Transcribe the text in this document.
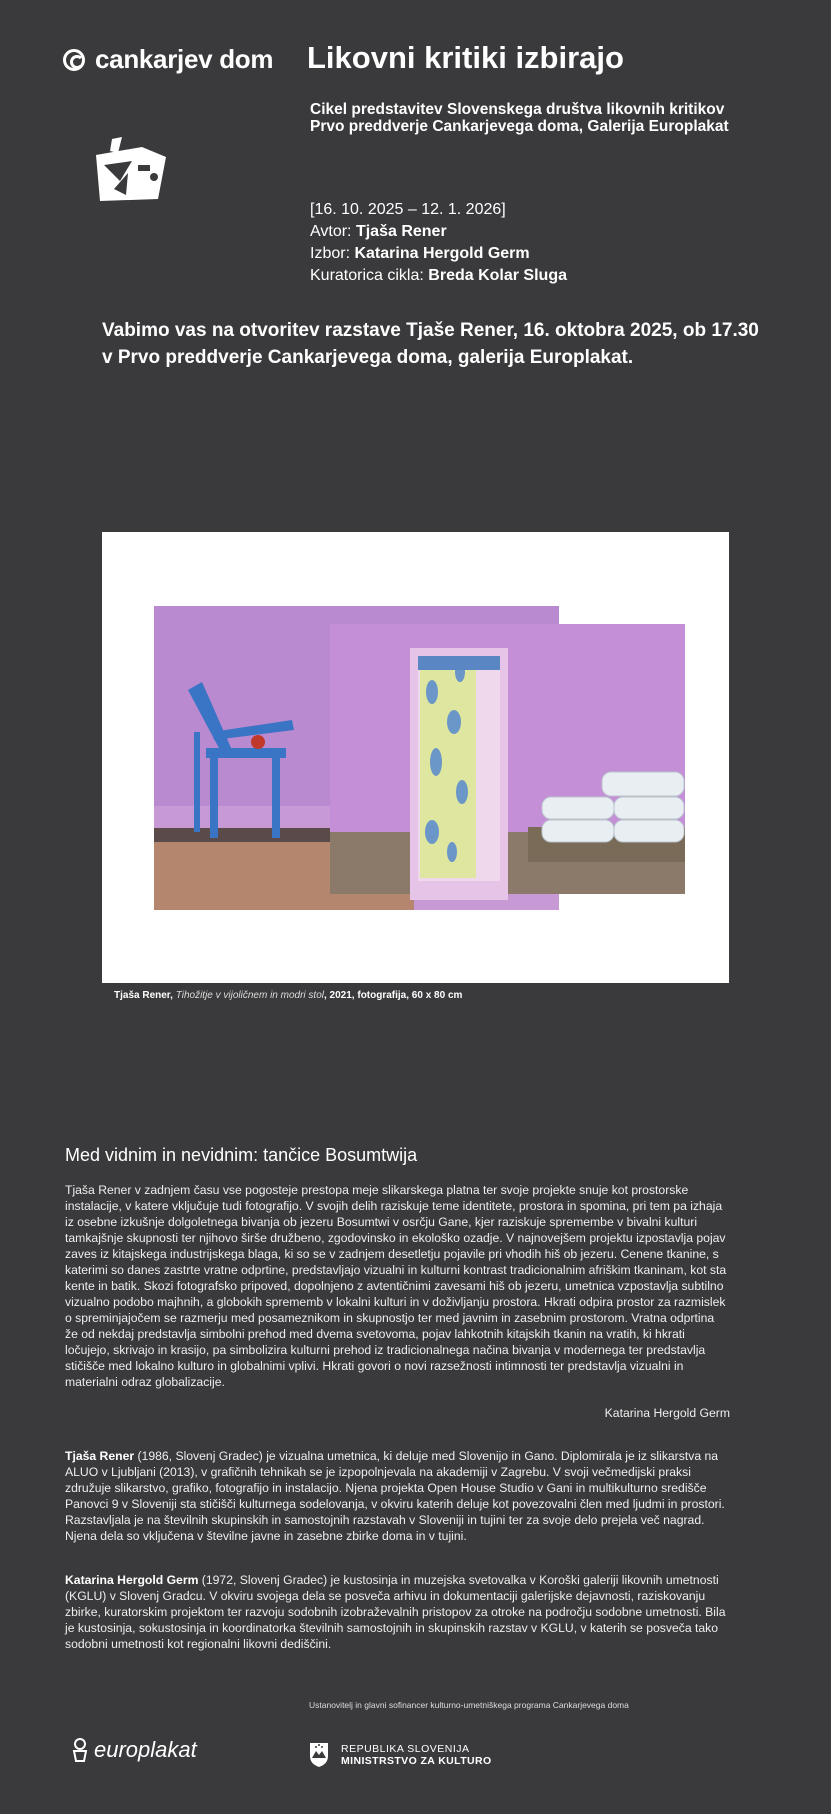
cankarjev dom Likovni kritiki izbirajo
Cikel predstavitev Slovenskega društva likovnih kritikov
Prvo preddverje Cankarjevega doma, Galerija Europlakat
[16. 10. 2025 – 12. 1. 2026]
Avtor: Tjaša Rener
Izbor: Katarina Hergold Germ
Kuratorica cikla: Breda Kolar Sluga
Vabimo vas na otvoritev razstave Tjaše Rener, 16. oktobra 2025, ob 17.30
v Prvo preddverje Cankarjevega doma, galerija Europlakat.
Tjaša Rener, Tihožitje v vijoličnem in modri stol, 2021, fotografija, 60 x 80 cm
Med vidnim in nevidnim: tančice Bosumtwija

Tjaša Rener v zadnjem času vse pogosteje prestopa meje slikarskega platna ter svoje projekte snuje kot prostorske instalacije, v katere vključuje tudi fotografijo. V svojih delih raziskuje teme identitete, prostora in spomina, pri tem pa izhaja iz osebne izkušnje dolgoletnega bivanja ob jezeru Bosumtwi v osrčju Gane, kjer raziskuje spremembe v bivalni kulturi tamkajšnje skupnosti ter njihovo širše družbeno, zgodovinsko in ekološko ozadje. V najnovejšem projektu izpostavlja pojav zaves iz kitajskega industrijskega blaga, ki so se v zadnjem desetletju pojavile pri vhodih hiš ob jezeru. Cenene tkanine, s katerimi so danes zastrte vratne odprtine, predstavljajo vizualni in kulturni kontrast tradicionalnim afriškim tkaninam, kot sta kente in batik. Skozi fotografsko pripoved, dopolnjeno z avtentičnimi zavesami hiš ob jezeru, umetnica vzpostavlja subtilno vizualno podobo majhnih, a globokih sprememb v lokalni kulturi in v doživljanju prostora. Hkrati odpira prostor za razmislek o spreminjajočem se razmerju med posameznikom in skupnostjo ter med javnim in zasebnim prostorom. Vratna odprtina že od nekdaj predstavlja simbolni prehod med dvema svetovoma, pojav lahkotnih kitajskih tkanin na vratih, ki hkrati ločujejo, skrivajo in krasijo, pa simbolizira kulturni prehod iz tradicionalnega načina bivanja v modernega ter predstavlja stičišče med lokalno kulturo in globalnimi vplivi. Hkrati govori o novi razsežnosti intimnosti ter predstavlja vizualni in materialni odraz globalizacije.

Katarina Hergold Germ

Tjaša Rener (1986, Slovenj Gradec) je vizualna umetnica, ki deluje med Slovenijo in Gano. Diplomirala je iz slikarstva na ALUO v Ljubljani (2013), v grafičnih tehnikah se je izpopolnjevala na akademiji v Zagrebu. V svoji večmedijski praksi združuje slikarstvo, grafiko, fotografijo in instalacijo. Njena projekta Open House Studio v Gani in multikulturno središče Panovci 9 v Sloveniji sta stičišči kulturnega sodelovanja, v okviru katerih deluje kot povezovalni člen med ljudmi in prostori. Razstavljala je na številnih skupinskih in samostojnih razstavah v Sloveniji in tujini ter za svoje delo prejela več nagrad. Njena dela so vključena v številne javne in zasebne zbirke doma in v tujini.

Katarina Hergold Germ (1972, Slovenj Gradec) je kustosinja in muzejska svetovalka v Koroški galeriji likovnih umetnosti (KGLU) v Slovenj Gradcu. V okviru svojega dela se posveča arhivu in dokumentaciji galerijske dejavnosti, raziskovanju zbirke, kuratorskim projektom ter razvoju sodobnih izobraževalnih pristopov za otroke na področju sodobne umetnosti. Bila je kustosinja, sokustosinja in koordinatorka številnih samostojnih in skupinskih razstav v KGLU, v katerih se posveča tako sodobni umetnosti kot regionalni likovni dediščini.

Ustanovitelj in glavni sofinancer kulturno-umetniškega programa Cankarjevega doma
europlakat	REPUBLIKA SLOVENIJA
MINISTRSTVO ZA KULTURO
